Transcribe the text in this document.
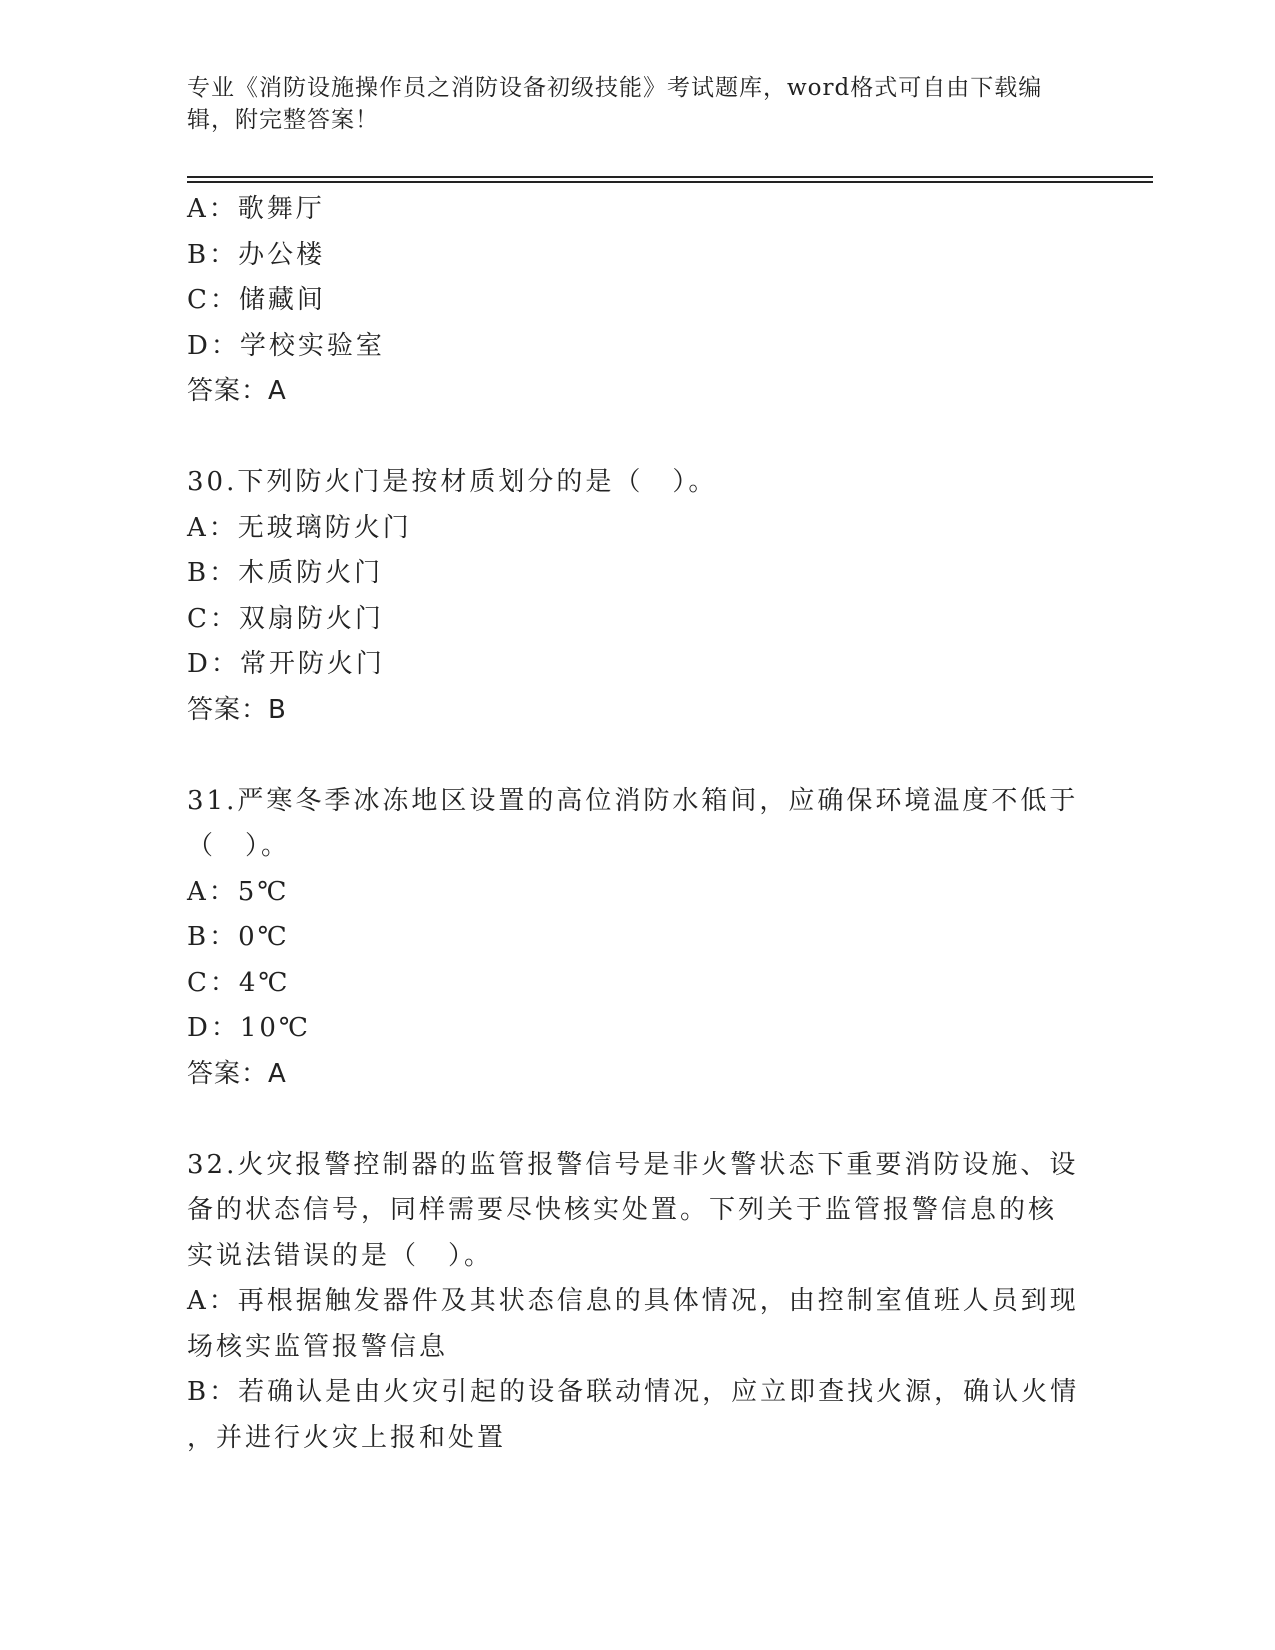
专业《消防设施操作员之消防设备初级技能》考试题库，word格式可自由下载编
辑，附完整答案！
A：歌舞厅
B：办公楼
C：储藏间
D：学校实验室
答案：A
30.下列防火门是按材质划分的是（　）。
A：无玻璃防火门
B：木质防火门
C：双扇防火门
D：常开防火门
答案：B
31.严寒冬季冰冻地区设置的高位消防水箱间，应确保环境温度不低于
（　）。
A：5℃
B：0℃
C：4℃
D：10℃
答案：A
32.火灾报警控制器的监管报警信号是非火警状态下重要消防设施、设
备的状态信号，同样需要尽快核实处置。下列关于监管报警信息的核
实说法错误的是（　）。
A：再根据触发器件及其状态信息的具体情况，由控制室值班人员到现
场核实监管报警信息
B：若确认是由火灾引起的设备联动情况，应立即查找火源，确认火情
，并进行火灾上报和处置
